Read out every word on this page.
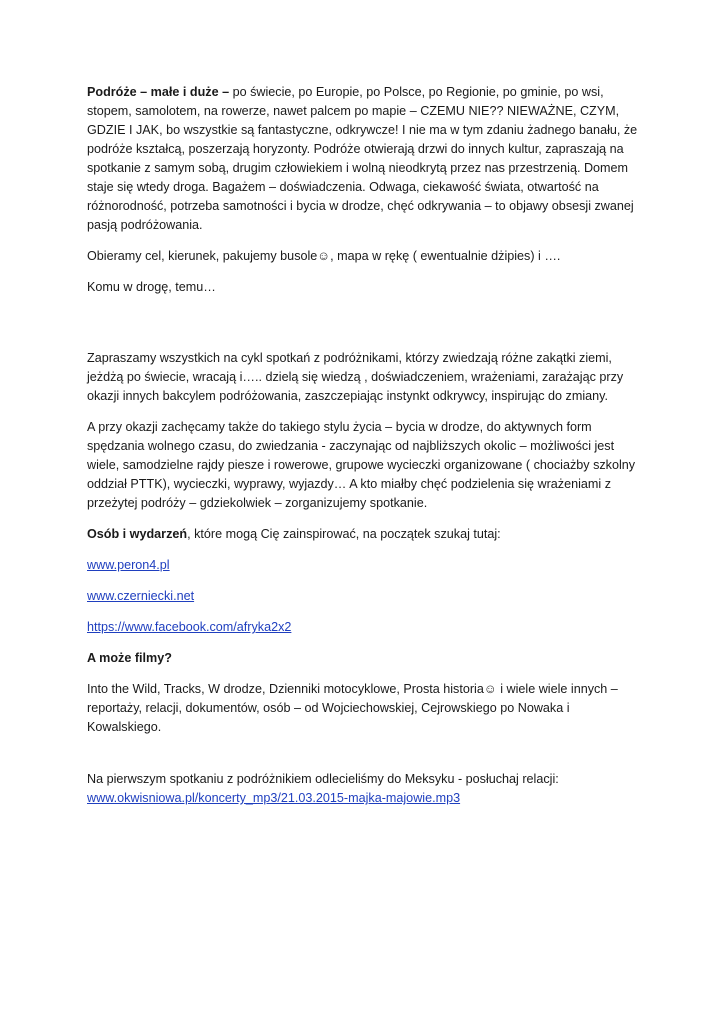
Podróże – małe i duże – po świecie, po Europie, po Polsce, po Regionie, po gminie, po wsi, stopem, samolotem, na rowerze, nawet palcem po mapie – CZEMU NIE?? NIEWAŻNE, CZYM, GDZIE I JAK, bo wszystkie są fantastyczne, odkrywcze! I nie ma w tym zdaniu żadnego banału, że podróże kształcą, poszerzają horyzonty. Podróże otwierają drzwi do innych kultur, zapraszają na spotkanie z samym sobą, drugim człowiekiem i wolną nieodkrytą przez nas przestrzenią. Domem staje się wtedy droga. Bagażem – doświadczenia. Odwaga, ciekawość świata, otwartość na różnorodność, potrzeba samotności i bycia w drodze, chęć odkrywania – to objawy obsesji zwanej pasją podróżowania.

Obieramy cel, kierunek, pakujemy busole☺, mapa w rękę ( ewentualnie dżipies) i ….

Komu w drogę, temu…

Zapraszamy wszystkich na cykl spotkań z podróżnikami, którzy zwiedzają różne zakątki ziemi, jeżdżą po świecie, wracają i….. dzielą się wiedzą , doświadczeniem, wrażeniami, zarażając przy okazji innych bakcylem podróżowania, zaszczepiając instynkt odkrywcy, inspirując do zmiany.

A przy okazji zachęcamy także do takiego stylu życia – bycia w drodze, do aktywnych form spędzania wolnego czasu, do zwiedzania - zaczynając od najbliższych okolic – możliwości jest wiele, samodzielne rajdy piesze i rowerowe, grupowe wycieczki organizowane ( chociażby szkolny oddział PTTK), wycieczki, wyprawy, wyjazdy… A kto miałby chęć podzielenia się wrażeniami z przeżytej podróży – gdziekolwiek – zorganizujemy spotkanie.

Osób i wydarzeń, które mogą Cię zainspirować, na początek szukaj tutaj:

www.peron4.pl

www.czerniecki.net

https://www.facebook.com/afryka2x2

A może filmy?

Into the Wild, Tracks, W drodze, Dzienniki motocyklowe, Prosta historia☺ i wiele wiele innych – reportaży, relacji, dokumentów, osób – od Wojciechowskiej, Cejrowskiego po Nowaka i Kowalskiego.

Na pierwszym spotkaniu z podróżnikiem odlecieliśmy do Meksyku - posłuchaj relacji:
www.okwisniowa.pl/koncerty_mp3/21.03.2015-majka-majowie.mp3
